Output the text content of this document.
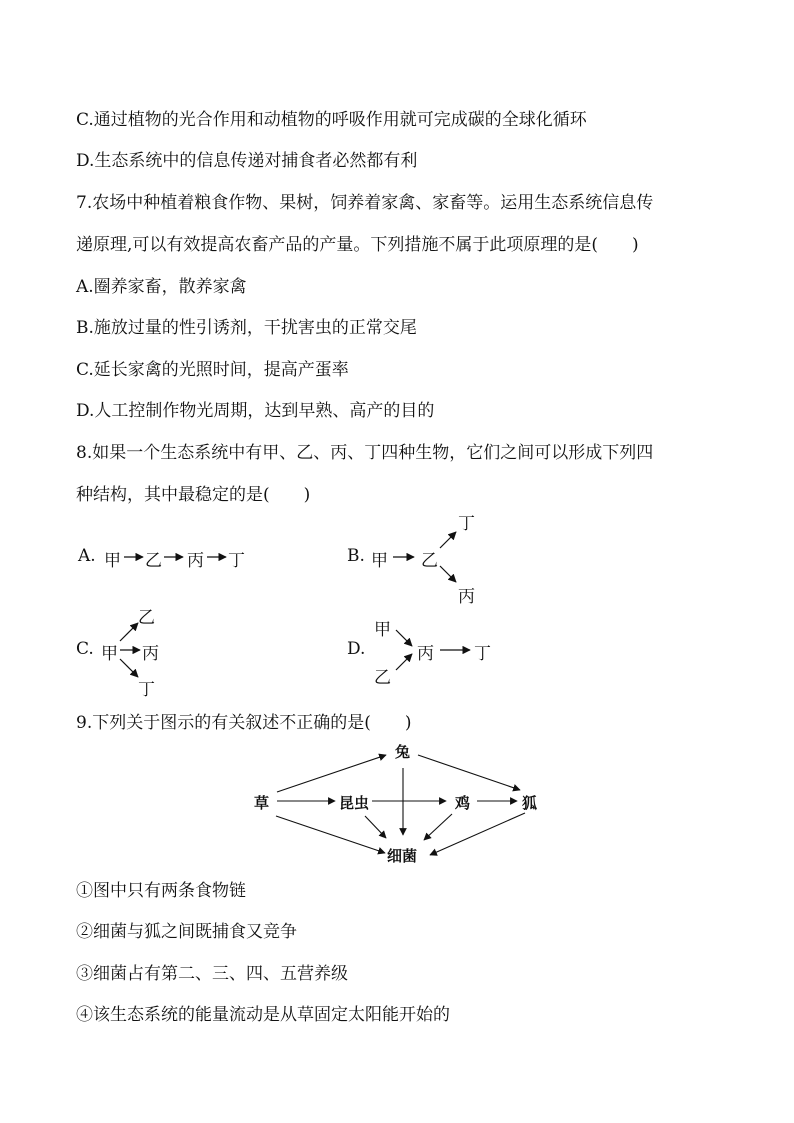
C.通过植物的光合作用和动植物的呼吸作用就可完成碳的全球化循环
D.生态系统中的信息传递对捕食者必然都有利
7.农场中种植着粮食作物、果树，饲养着家禽、家畜等。运用生态系统信息传
递原理,可以有效提高农畜产品的产量。下列措施不属于此项原理的是(　　)
A.圈养家畜，散养家禽
B.施放过量的性引诱剂，干扰害虫的正常交尾
C.延长家禽的光照时间，提高产蛋率
D.人工控制作物光周期，达到早熟、高产的目的
8.如果一个生态系统中有甲、乙、丙、丁四种生物，它们之间可以形成下列四
种结构，其中最稳定的是(　　)
A. 甲 乙 丙 丁	B. 甲 乙
丁
丙
C. 甲
乙
丙
丁
D.
甲
乙
丙 丁
9.下列关于图示的有关叙述不正确的是(　　)
兔
草	昆虫	鸡	狐
细菌
①图中只有两条食物链
②细菌与狐之间既捕食又竞争
③细菌占有第二、三、四、五营养级
④该生态系统的能量流动是从草固定太阳能开始的
